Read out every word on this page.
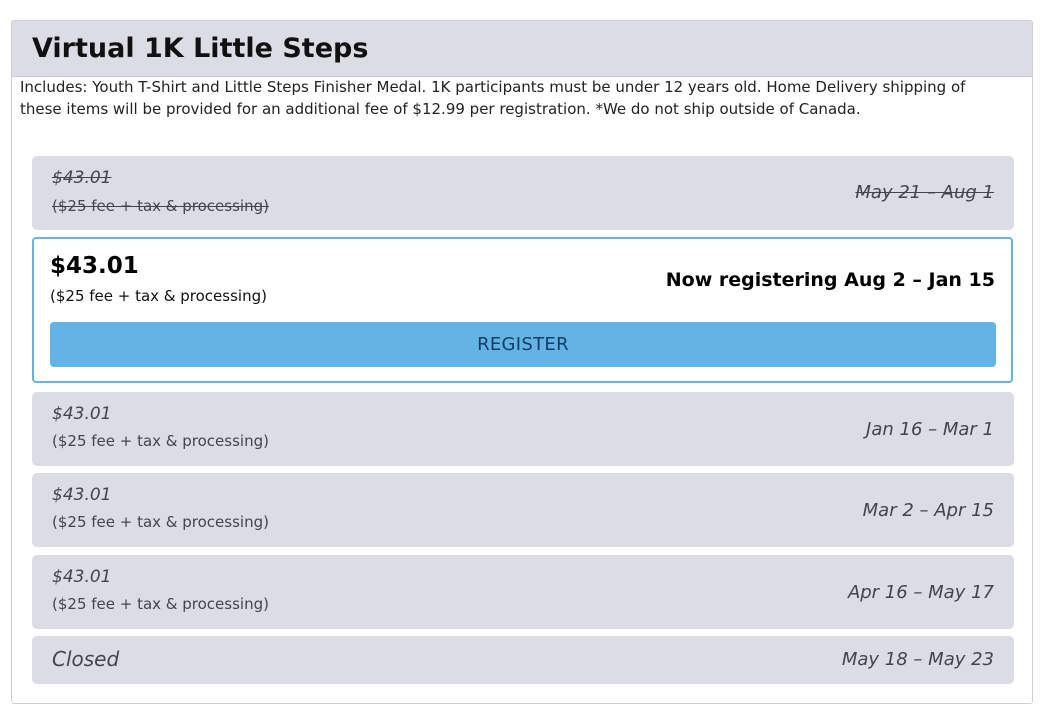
Virtual 1K Little Steps
Includes: Youth T-Shirt and Little Steps Finisher Medal. 1K participants must be under 12 years old. Home Delivery shipping of these items will be provided for an additional fee of $12.99 per registration. *We do not ship outside of Canada.
$43.01
($25 fee + tax & processing)
May 21 – Aug 1
$43.01
($25 fee + tax & processing)
Now registering Aug 2 – Jan 15
REGISTER
$43.01
($25 fee + tax & processing)
Jan 16 – Mar 1
$43.01
($25 fee + tax & processing)
Mar 2 – Apr 15
$43.01
($25 fee + tax & processing)
Apr 16 – May 17
Closed	May 18 – May 23
